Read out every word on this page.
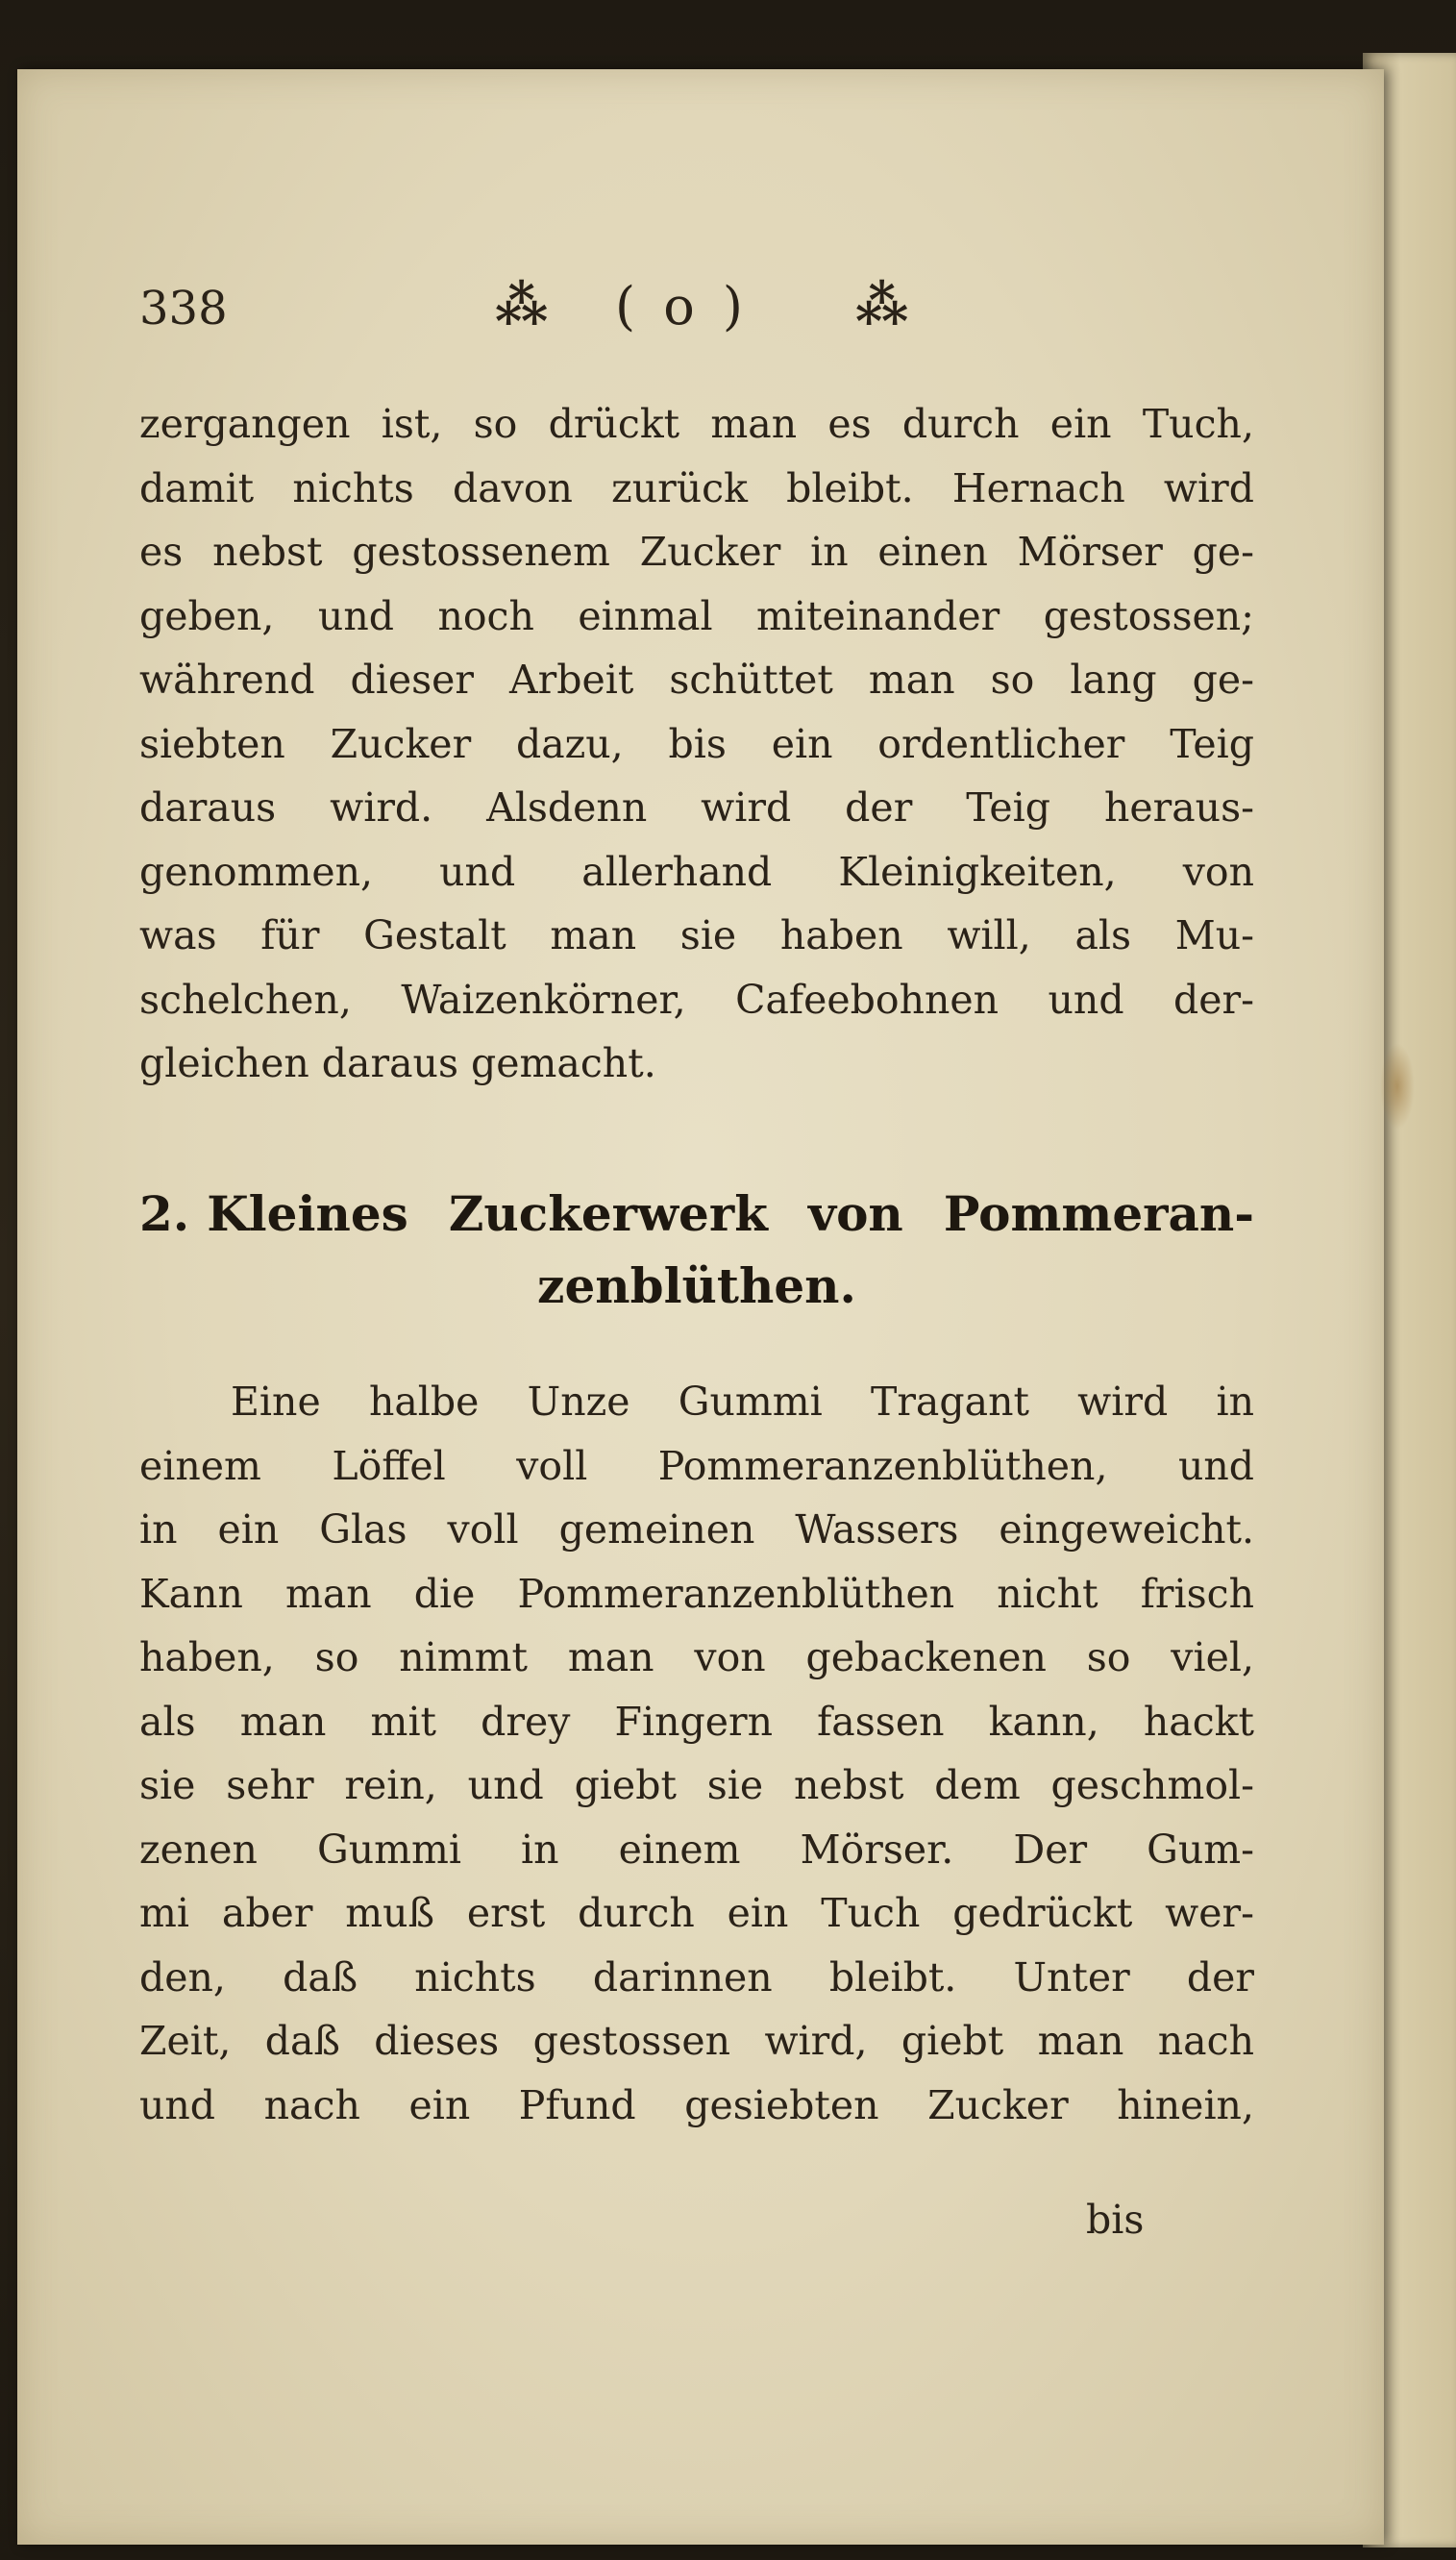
338	⁂ ( o ) ⁂
zergangen ist, so drückt man es durch ein Tuch,
damit nichts davon zurück bleibt. Hernach wird
es nebst gestossenem Zucker in einen Mörser ge-
geben, und noch einmal miteinander gestossen;
während dieser Arbeit schüttet man so lang ge-
siebten Zucker dazu, bis ein ordentlicher Teig
daraus wird. Alsdenn wird der Teig heraus-
genommen, und allerhand Kleinigkeiten, von
was für Gestalt man sie haben will, als Mu-
schelchen, Waizenkörner, Cafeebohnen und der-
gleichen daraus gemacht.
2. Kleines Zuckerwerk von Pommeran-
zenblüthen.
Eine halbe Unze Gummi Tragant wird in
einem Löffel voll Pommeranzenblüthen, und
in ein Glas voll gemeinen Wassers eingeweicht.
Kann man die Pommeranzenblüthen nicht frisch
haben, so nimmt man von gebackenen so viel,
als man mit drey Fingern fassen kann, hackt
sie sehr rein, und giebt sie nebst dem geschmol-
zenen Gummi in einem Mörser. Der Gum-
mi aber muß erst durch ein Tuch gedrückt wer-
den, daß nichts darinnen bleibt. Unter der
Zeit, daß dieses gestossen wird, giebt man nach
und nach ein Pfund gesiebten Zucker hinein,
bis
